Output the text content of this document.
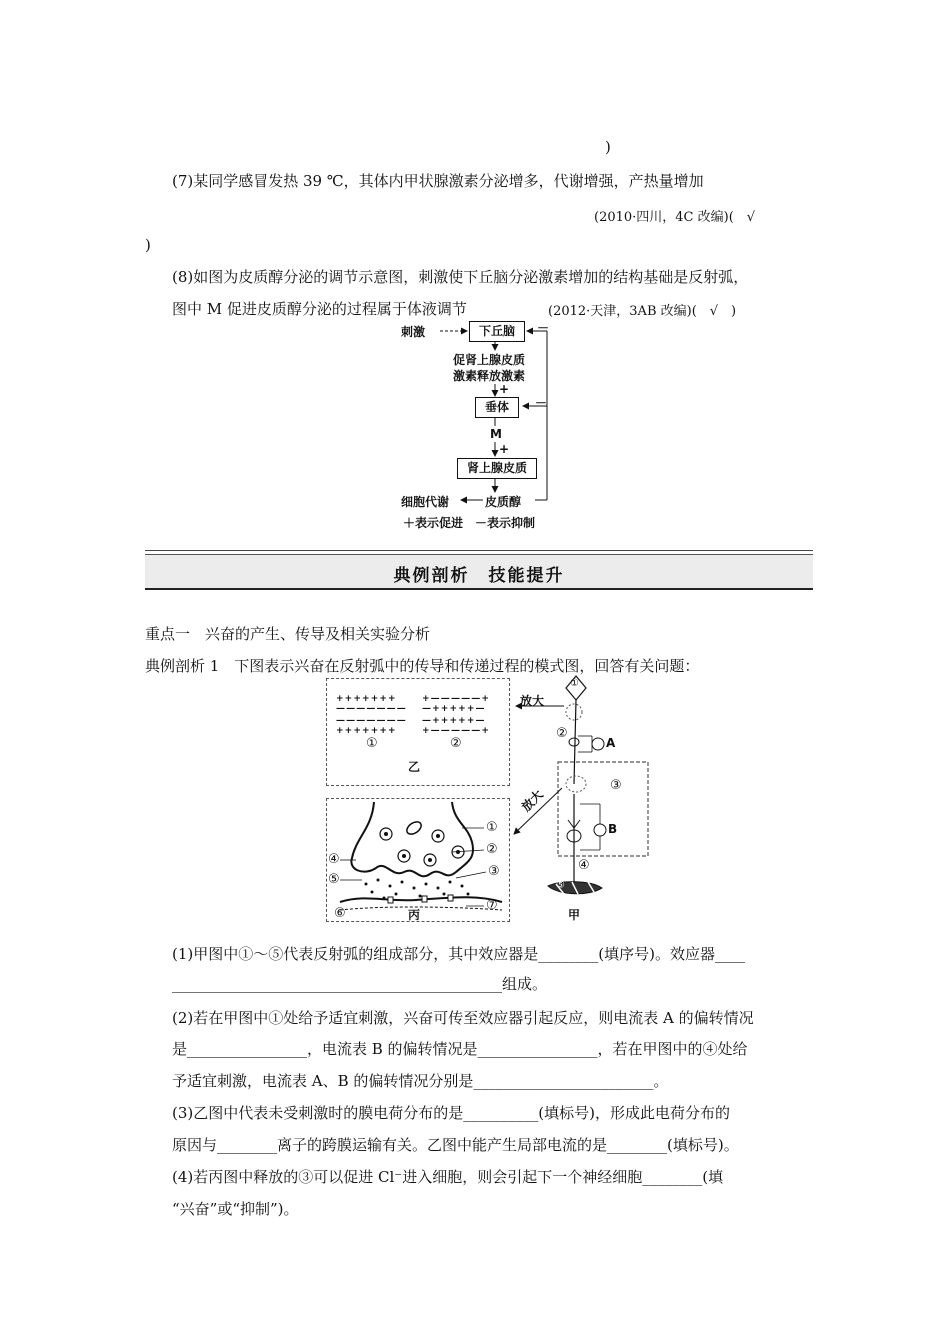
)
(7)某同学感冒发热 39 ℃，其体内甲状腺激素分泌增多，代谢增强，产热量增加
(2010·四川，4C 改编)(　√
)
(8)如图为皮质醇分泌的调节示意图，刺激使下丘脑分泌激素增加的结构基础是反射弧，
图中 M 促进皮质醇分泌的过程属于体液调节	(2012·天津，3AB 改编)(　√　)
刺激	下丘脑	－
促肾上腺皮质
激素释放激素
+
垂体	－
M
+
肾上腺皮质
细胞代谢	皮质醇
＋表示促进　－表示抑制
典例剖析　技能提升
重点一　兴奋的产生、传导及相关实验分析
典例剖析 1　下图表示兴奋在反射弧中的传导和传递过程的模式图，回答有关问题：
+ + + + + + +
— — — — — — —
— — — — — — —
+ + + + + + +
+ — — — — — +
— + + + + + —
— + + + + + —
+ — — — — — +
①	②
乙
①
②
③
④
⑤
⑥
⑦
丙
放大
放大
①
②
A
③
B
④
⑤
甲
(1)甲图中①～⑤代表反射弧的组成部分，其中效应器是________(填序号)。效应器____
____________________________________________组成。
(2)若在甲图中①处给予适宜刺激，兴奋可传至效应器引起反应，则电流表 A 的偏转情况
是________________，电流表 B 的偏转情况是________________，若在甲图中的④处给
予适宜刺激，电流表 A、B 的偏转情况分别是________________________。
(3)乙图中代表未受刺激时的膜电荷分布的是__________(填标号)，形成此电荷分布的
原因与________离子的跨膜运输有关。乙图中能产生局部电流的是________(填标号)。
(4)若丙图中释放的③可以促进 Cl⁻进入细胞，则会引起下一个神经细胞________(填
“兴奋”或“抑制”)。
